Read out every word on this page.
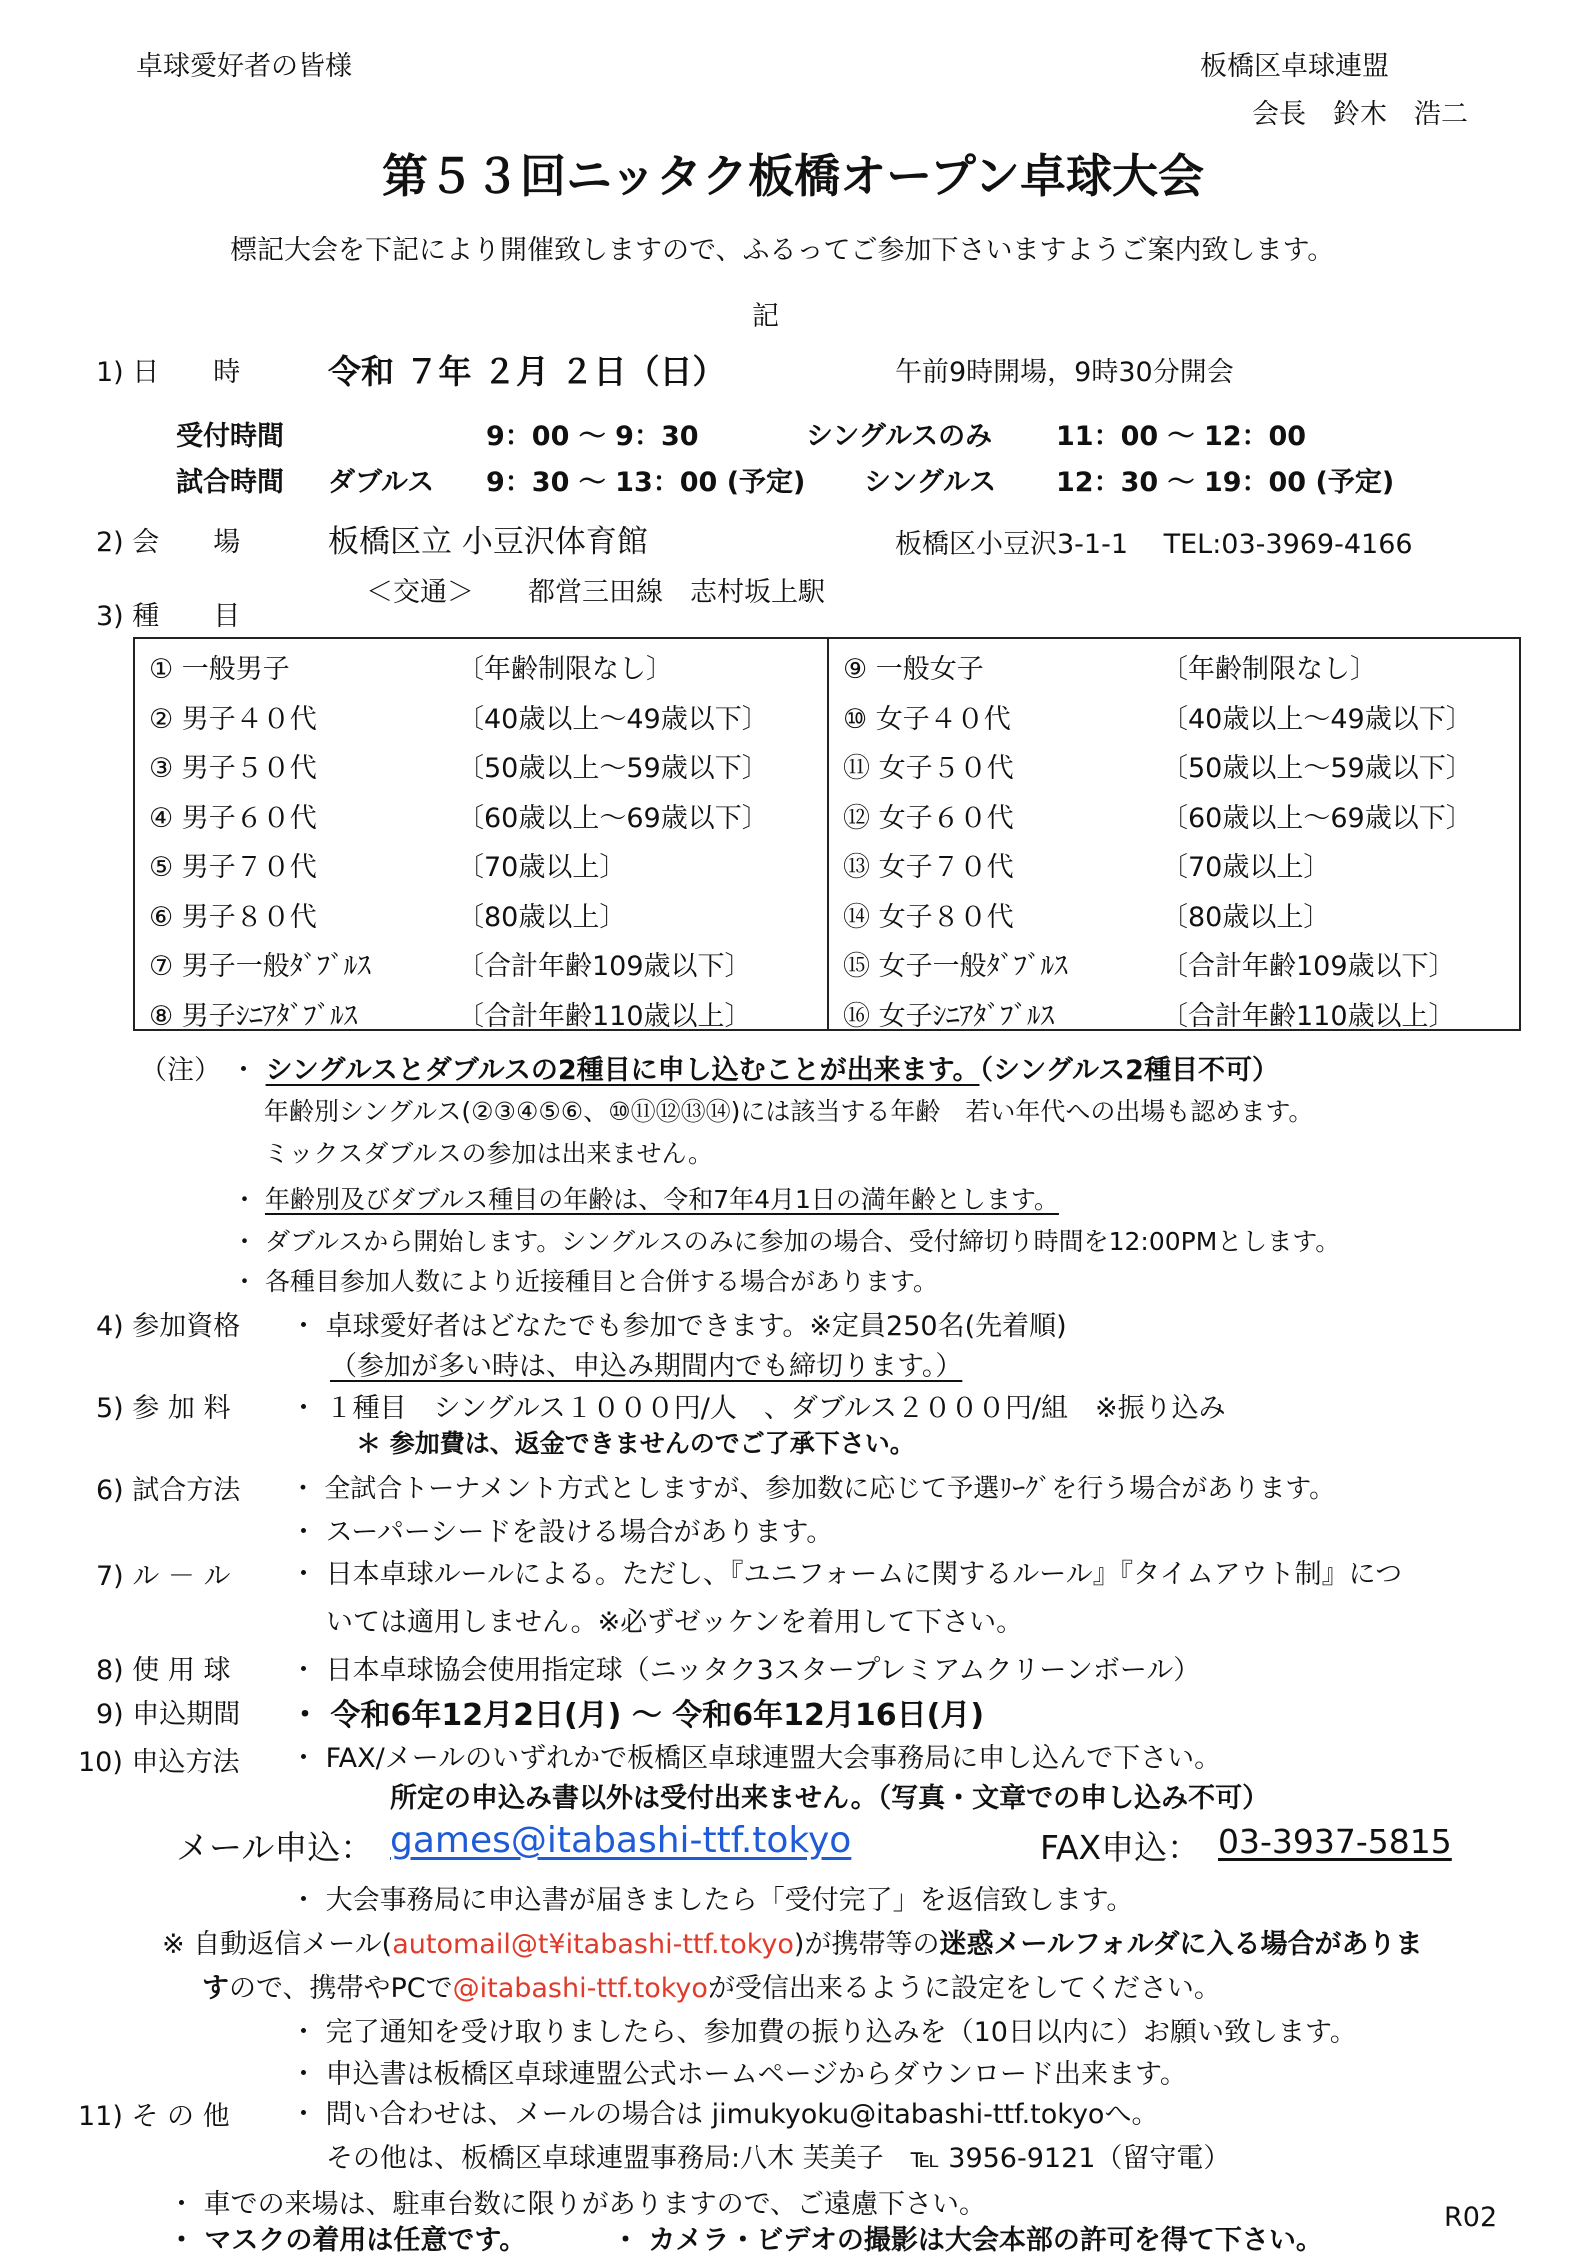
卓球愛好者の皆様	板橋区卓球連盟
会長　鈴木　浩二
第５３回ニッタク板橋オープン卓球大会
標記大会を下記により開催致しますので、ふるってご参加下さいますようご案内致します。
記
1) 日　　時	令和 ７年 ２月 ２日（日）	午前9時開場，9時30分開会
受付時間	9：00 ～ 9：30	シングルスのみ 11：00 ～ 12：00
試合時間 ダブルス 9：30 ～ 13：00 (予定) シングルス 12：30 ～ 19：00 (予定)
2) 会　　場	板橋区立 小豆沢体育館	板橋区小豆沢3-1-1　 TEL:03-3969-4166
＜交通＞　　都営三田線　志村坂上駅
3) 種　　目
① 一般男子	〔年齢制限なし〕
② 男子４０代	〔40歳以上～49歳以下〕
③ 男子５０代	〔50歳以上～59歳以下〕
④ 男子６０代	〔60歳以上～69歳以下〕
⑤ 男子７０代	〔70歳以上〕
⑥ 男子８０代	〔80歳以上〕
⑦ 男子一般ﾀﾞﾌﾞﾙｽ	〔合計年齢109歳以下〕
⑧ 男子ｼﾆｱﾀﾞﾌﾞﾙｽ	〔合計年齢110歳以上〕
⑨ 一般女子	〔年齢制限なし〕
⑩ 女子４０代	〔40歳以上～49歳以下〕
⑪ 女子５０代	〔50歳以上～59歳以下〕
⑫ 女子６０代	〔60歳以上～69歳以下〕
⑬ 女子７０代	〔70歳以上〕
⑭ 女子８０代	〔80歳以上〕
⑮ 女子一般ﾀﾞﾌﾞﾙｽ	〔合計年齢109歳以下〕
⑯ 女子ｼﾆｱﾀﾞﾌﾞﾙｽ	〔合計年齢110歳以上〕
（注） ・ シングルスとダブルスの2種目に申し込むことが出来ます。（シングルス2種目不可）
年齢別シングルス(②③④⑤⑥、⑩⑪⑫⑬⑭)には該当する年齢　若い年代への出場も認めます。
ミックスダブルスの参加は出来ません。
・ 年齢別及びダブルス種目の年齢は、令和7年4月1日の満年齢とします。
・ ダブルスから開始します。シングルスのみに参加の場合、受付締切り時間を12:00PMとします。
・ 各種目参加人数により近接種目と合併する場合があります。
4) 参加資格 ・ 卓球愛好者はどなたでも参加できます。※定員250名(先着順)
（参加が多い時は、申込み期間内でも締切ります。）
5) 参 加 料 ・ １種目　シングルス１０００円/人　、ダブルス２０００円/組　※振り込み
＊ 参加費は、返金できませんのでご了承下さい。
6) 試合方法 ・ 全試合トーナメント方式としますが、参加数に応じて予選ﾘｰｸﾞを行う場合があります。
・ スーパーシードを設ける場合があります。
7) ル － ル ・ 日本卓球ルールによる。ただし、『ユニフォームに関するルール』『タイムアウト制』につ
いては適用しません。※必ずゼッケンを着用して下さい。
8) 使 用 球 ・ 日本卓球協会使用指定球（ニッタク3スタープレミアムクリーンボール）
9) 申込期間 ・ 令和6年12月2日(月) ～ 令和6年12月16日(月)
10) 申込方法 ・ FAX/メールのいずれかで板橋区卓球連盟大会事務局に申し込んで下さい。
所定の申込み書以外は受付出来ません。（写真・文章での申し込み不可）
メール申込： games@itabashi-ttf.tokyo	FAX申込： 03-3937-5815
・ 大会事務局に申込書が届きましたら「受付完了」を返信致します。
※ 自動返信メール(automail@t¥itabashi-ttf.tokyo)が携帯等の迷惑メールフォルダに入る場合がありま
すので、携帯やPCで@itabashi-ttf.tokyoが受信出来るように設定をしてください。
・ 完了通知を受け取りましたら、参加費の振り込みを（10日以内に）お願い致します。
・ 申込書は板橋区卓球連盟公式ホームページからダウンロード出来ます。
11) そ の 他 ・ 問い合わせは、メールの場合は jimukyoku@itabashi-ttf.tokyoへ。
その他は、板橋区卓球連盟事務局:八木 芙美子　℡ 3956-9121（留守電）
・ 車での来場は、駐車台数に限りがありますので、ご遠慮下さい。
・ マスクの着用は任意です。	・ カメラ・ビデオの撮影は大会本部の許可を得て下さい。
R02
